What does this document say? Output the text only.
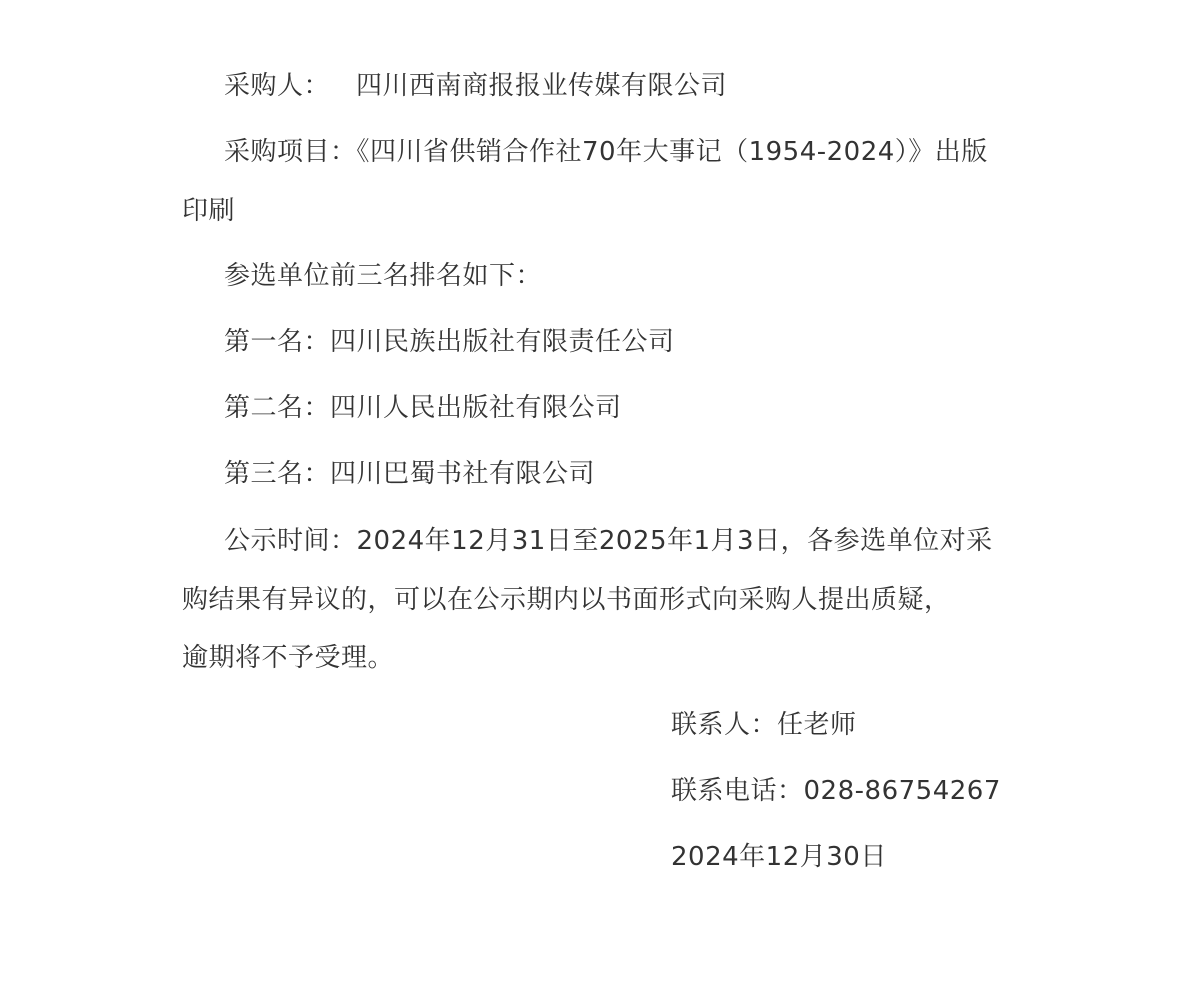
采购人： 四川西南商报报业传媒有限公司
采购项目：《四川省供销合作社70年大事记（1954-2024）》出版
印刷
参选单位前三名排名如下：
第一名：四川民族出版社有限责任公司
第二名：四川人民出版社有限公司
第三名：四川巴蜀书社有限公司
公示时间：2024年12月31日至2025年1月3日，各参选单位对采
购结果有异议的，可以在公示期内以书面形式向采购人提出质疑，
逾期将不予受理。
联系人：任老师
联系电话：028-86754267
2024年12月30日
